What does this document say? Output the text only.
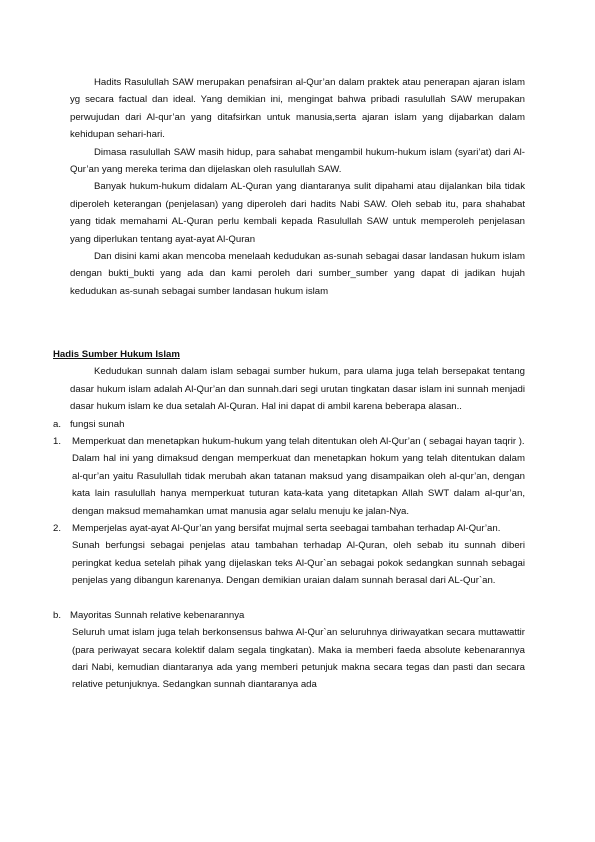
Hadits Rasulullah SAW merupakan penafsiran al-Qur’an dalam praktek atau penerapan ajaran islam yg secara factual dan ideal. Yang demikian ini, mengingat bahwa pribadi rasulullah SAW merupakan perwujudan dari Al-qur’an yang ditafsirkan untuk manusia,serta ajaran islam yang dijabarkan dalam kehidupan sehari-hari.

Dimasa rasulullah SAW masih hidup, para sahabat mengambil hukum-hukum islam (syari’at) dari Al-Qur’an yang mereka terima dan dijelaskan oleh rasulullah SAW.

Banyak hukum-hukum didalam AL-Quran yang diantaranya sulit dipahami atau dijalankan bila tidak diperoleh keterangan (penjelasan) yang diperoleh dari hadits Nabi SAW. Oleh sebab itu, para shahabat yang tidak memahami AL-Quran perlu kembali kepada Rasulullah SAW untuk memperoleh penjelasan yang diperlukan tentang ayat-ayat Al-Quran

Dan disini kami akan mencoba menelaah kedudukan as-sunah sebagai dasar landasan hukum islam dengan bukti_bukti yang ada dan kami peroleh dari sumber_sumber yang dapat di jadikan hujah kedudukan as-sunah sebagai sumber landasan hukum islam

Hadis Sumber Hukum Islam

Kedudukan sunnah dalam islam sebagai sumber hukum, para ulama juga telah bersepakat tentang dasar hukum islam adalah Al-Qur’an dan sunnah.dari segi urutan tingkatan dasar islam ini sunnah menjadi dasar hukum islam ke dua setalah Al-Quran. Hal ini dapat di ambil karena beberapa alasan..

a. fungsi sunah
1.	Memperkuat dan menetapkan hukum-hukum yang telah ditentukan oleh Al-Qur’an ( sebagai hayan taqrir ).

Dalam hal ini yang dimaksud dengan memperkuat dan menetapkan hokum yang telah ditentukan dalam al-qur’an yaitu Rasulullah tidak merubah akan tatanan maksud yang disampaikan oleh al-qur’an, dengan kata lain rasulullah hanya memperkuat tuturan kata-kata yang ditetapkan Allah SWT dalam al-qur’an, dengan maksud memahamkan umat manusia agar selalu menuju ke jalan-Nya.

2.	Memperjelas ayat-ayat Al-Qur’an yang bersifat mujmal serta seebagai tambahan terhadap Al-Qur’an.

Sunah berfungsi sebagai penjelas atau tambahan terhadap Al-Quran, oleh sebab itu sunnah diberi peringkat kedua setelah pihak yang dijelaskan teks Al-Qur`an sebagai pokok sedangkan sunnah sebagai penjelas yang dibangun karenanya. Dengan demikian uraian dalam sunnah berasal dari AL-Qur`an.

b. Mayoritas Sunnah relative kebenarannya

Seluruh umat islam juga telah berkonsensus bahwa Al-Qur`an seluruhnya diriwayatkan secara muttawattir (para periwayat secara kolektif dalam segala tingkatan). Maka ia memberi faeda absolute kebenarannya dari Nabi, kemudian diantaranya ada yang memberi petunjuk makna secara tegas dan pasti dan secara relative petunjuknya. Sedangkan sunnah diantaranya ada
